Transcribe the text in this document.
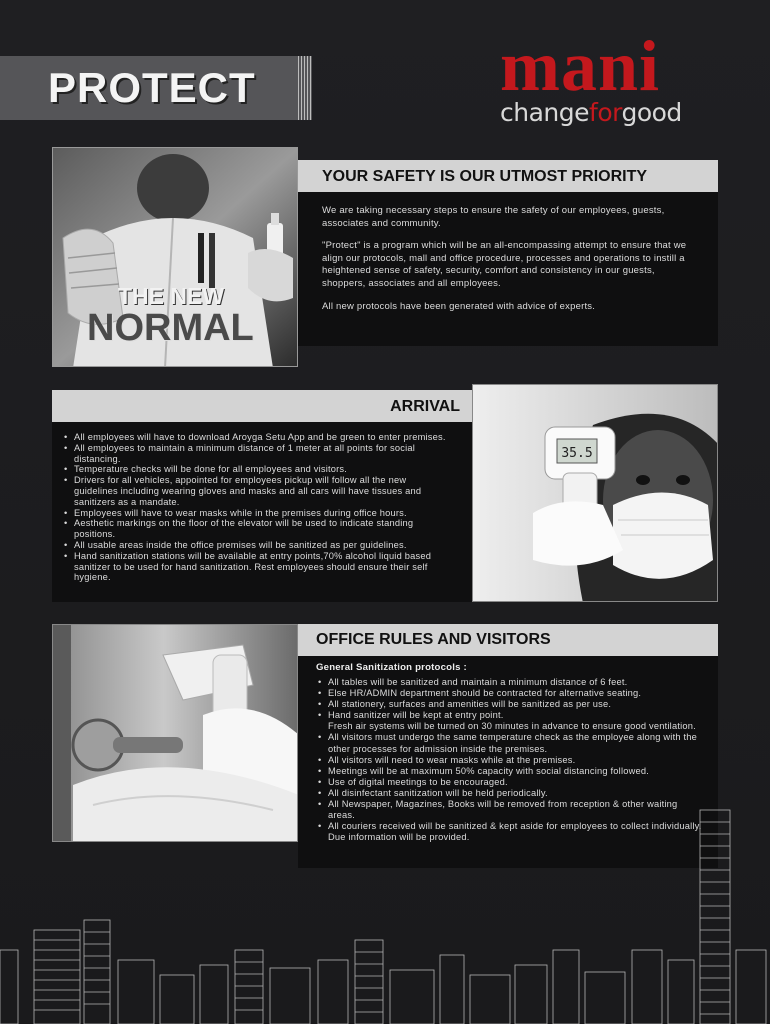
PROTECT	mani
changeforgood
THE NEW
NORMAL
YOUR SAFETY IS OUR UTMOST PRIORITY

We are taking necessary steps to ensure the safety of our employees, guests, associates and community.

"Protect" is a program which will be an all-encompassing attempt to ensure that we align our protocols, mall and office procedure, processes and operations to instill a heightened sense of safety, security, comfort and consistency in our guests, shoppers, associates and all employees.

All new protocols have been generated with advice of experts.

ARRIVAL
• All employees will have to download Aroyga Setu App and be green to enter premises.
• All employees to maintain a minimum distance of 1 meter at all points for social distancing.
• Temperature checks will be done for all employees and visitors.
• Drivers for all vehicles, appointed for employees pickup will follow all the new guidelines including wearing gloves and masks and all cars will have tissues and sanitizers as a mandate.
• Employees will have to wear masks while in the premises during office hours.
• Aesthetic markings on the floor of the elevator will be used to indicate standing positions.
• All usable areas inside the office premises will be sanitized as per guidelines.
• Hand sanitization stations will be available at entry points,70% alcohol liquid based sanitizer to be used for hand sanitization. Rest employees should ensure their self hygiene.
35.5
OFFICE RULES AND VISITORS
General Sanitization protocols :
• All tables will be sanitized and maintain a minimum distance of 6 feet.
• Else HR/ADMIN department should be contracted for alternative seating.
• All stationery, surfaces and amenities will be sanitized as per use.
• Hand sanitizer will be kept at entry point.
Fresh air systems will be turned on 30 minutes in advance to ensure good ventilation.
• All visitors must undergo the same temperature check as the employee along with the other processes for admission inside the premises.
• All visitors will need to wear masks while at the premises.
• Meetings will be at maximum 50% capacity with social distancing followed.
• Use of digital meetings to be encouraged.
• All disinfectant sanitization will be held periodically.
• All Newspaper, Magazines, Books will be removed from reception & other waiting areas.
• All couriers received will be sanitized & kept aside for employees to collect individually. Due information will be provided.
